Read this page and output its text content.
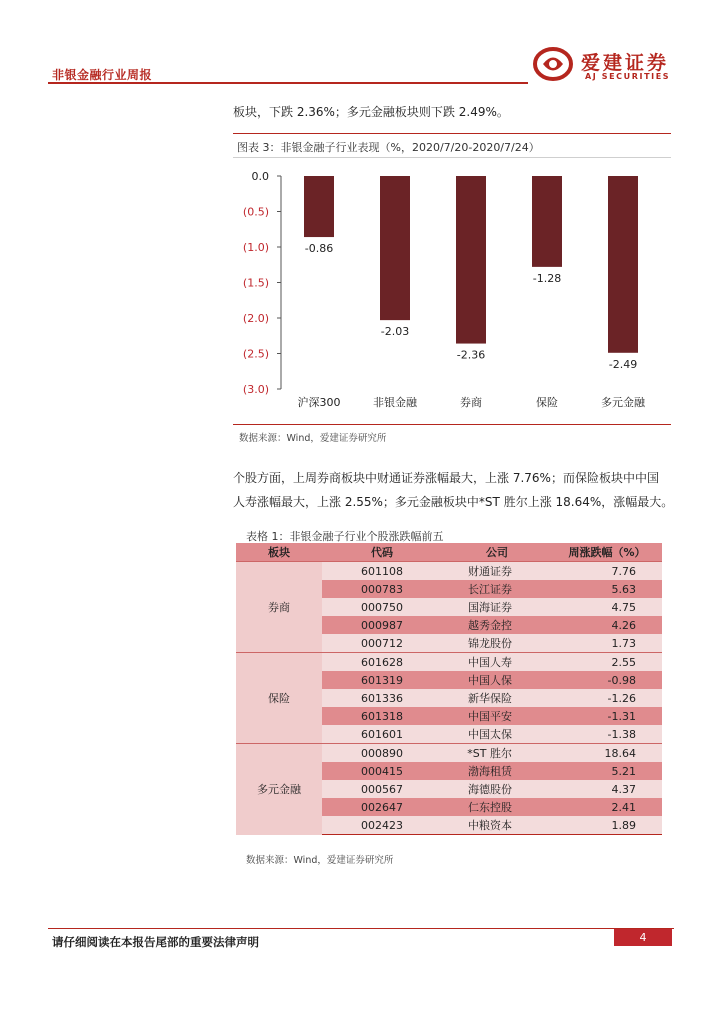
非银金融行业周报
爱建证券
AJ SECURITIES
板块，下跌 2.36%；多元金融板块则下跌 2.49%。
图表 3：非银金融子行业表现（%，2020/7/20-2020/7/24）
0.0
(0.5)
(1.0)
(1.5)
(2.0)
(2.5)
(3.0)
-0.86
沪深300
-2.03
非银金融
-2.36
券商
-1.28
保险
-2.49
多元金融
数据来源：Wind，爱建证券研究所
个股方面，上周券商板块中财通证券涨幅最大，上涨 7.76%；而保险板块中中国
人寿涨幅最大，上涨 2.55%；多元金融板块中*ST 胜尔上涨 18.64%，涨幅最大。
表格 1：非银金融子行业个股涨跌幅前五
板块	代码	公司	周涨跌幅（%）
券商	601108	财通证券	7.76
	000783	长江证券	5.63
	000750	国海证券	4.75
	000987	越秀金控	4.26
	000712	锦龙股份	1.73
保险	601628	中国人寿	2.55
	601319	中国人保	-0.98
	601336	新华保险	-1.26
	601318	中国平安	-1.31
	601601	中国太保	-1.38
多元金融	000890	*ST 胜尔	18.64
	000415	渤海租赁	5.21
	000567	海德股份	4.37
	002647	仁东控股	2.41
	002423	中粮资本	1.89
数据来源：Wind，爱建证券研究所
请仔细阅读在本报告尾部的重要法律声明	4
